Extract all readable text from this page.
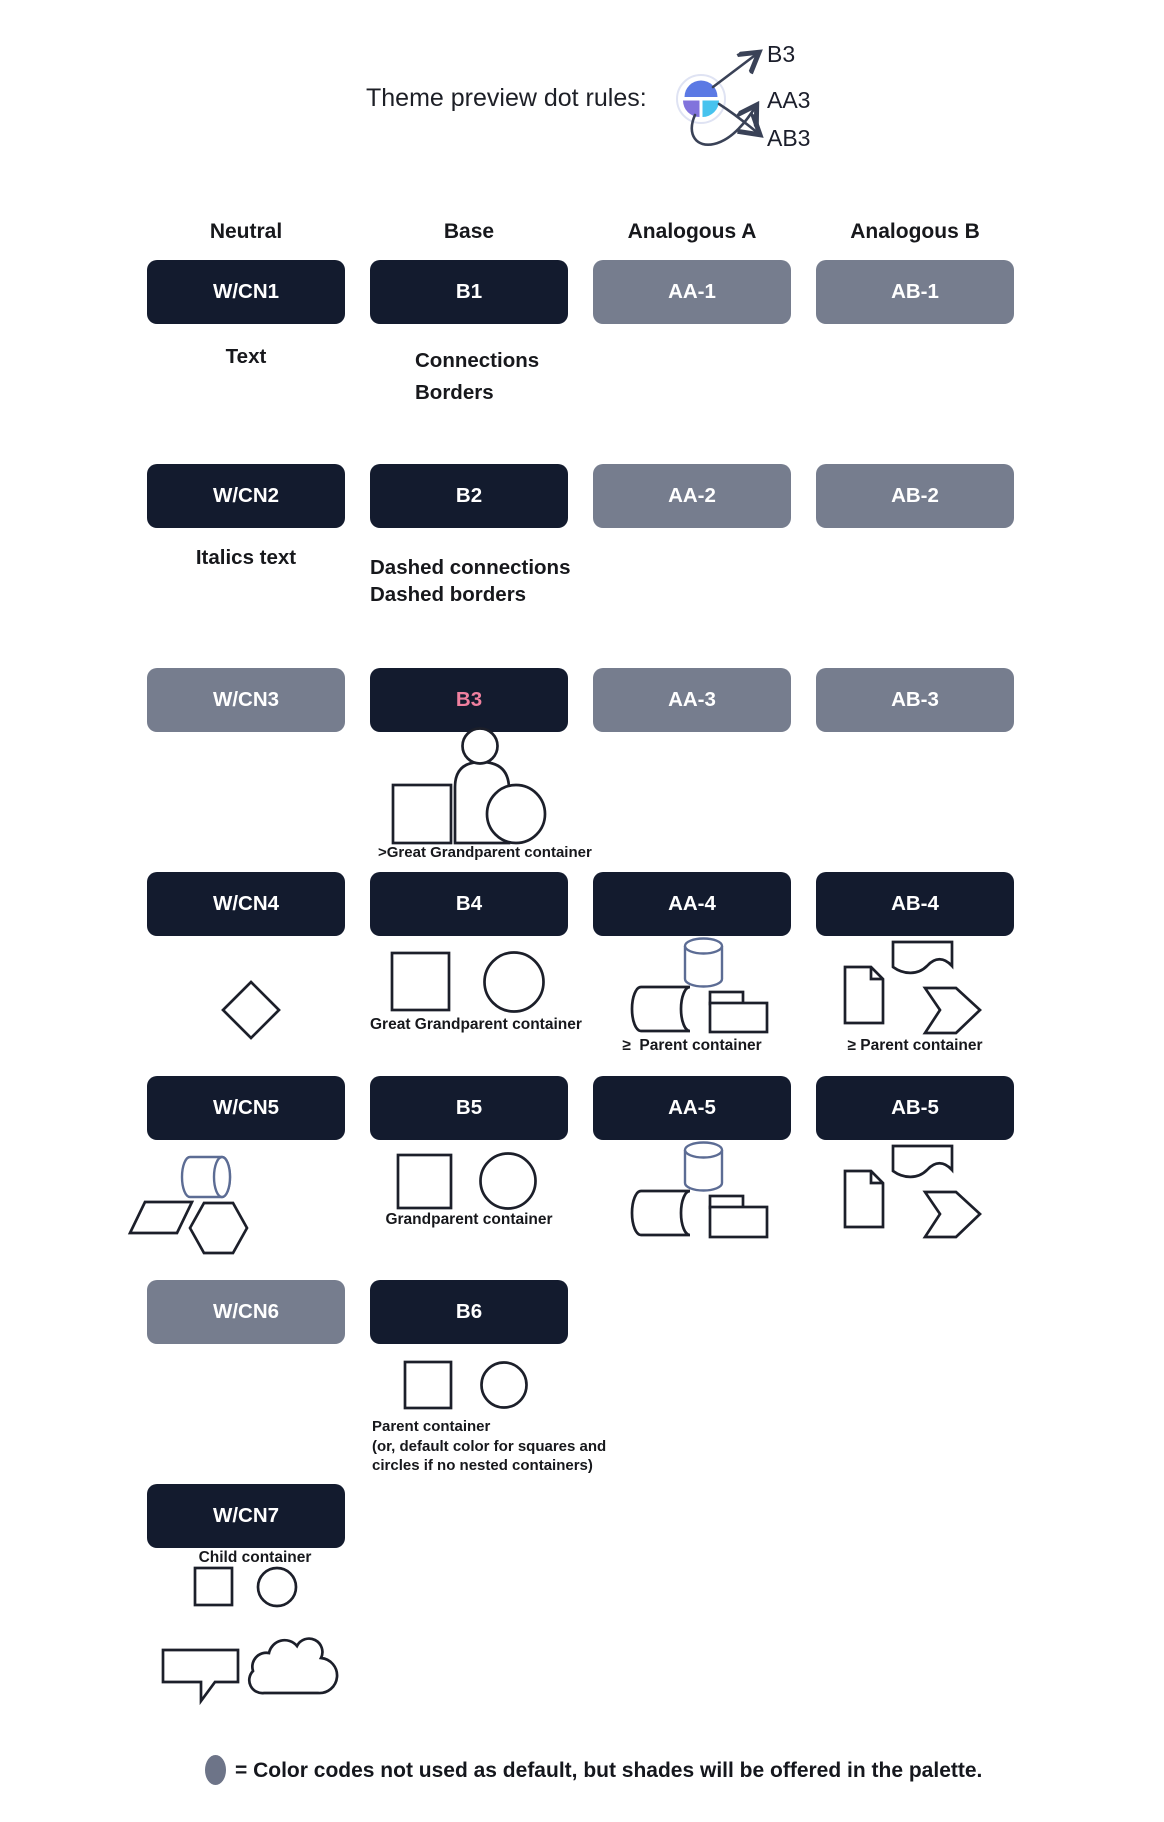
Theme preview dot rules:
B3
AA3
AB3
Neutral	Base	Analogous A	Analogous B
W/CN1	B1	AA-1	AB-1
W/CN2	B2	AA-2	AB-2
W/CN3	B3	AA-3	AB-3
W/CN4	B4	AA-4	AB-4
W/CN5	B5	AA-5	AB-5
W/CN6	B6
W/CN7
Text	Connections
Borders
Italics text	Dashed connections
Dashed borders
>Great Grandparent container
Great Grandparent container
≥  Parent container	≥ Parent container
Grandparent container
Parent container
(or, default color for squares and
circles if no nested containers)
Child container
= Color codes not used as default, but shades will be offered in the palette.
